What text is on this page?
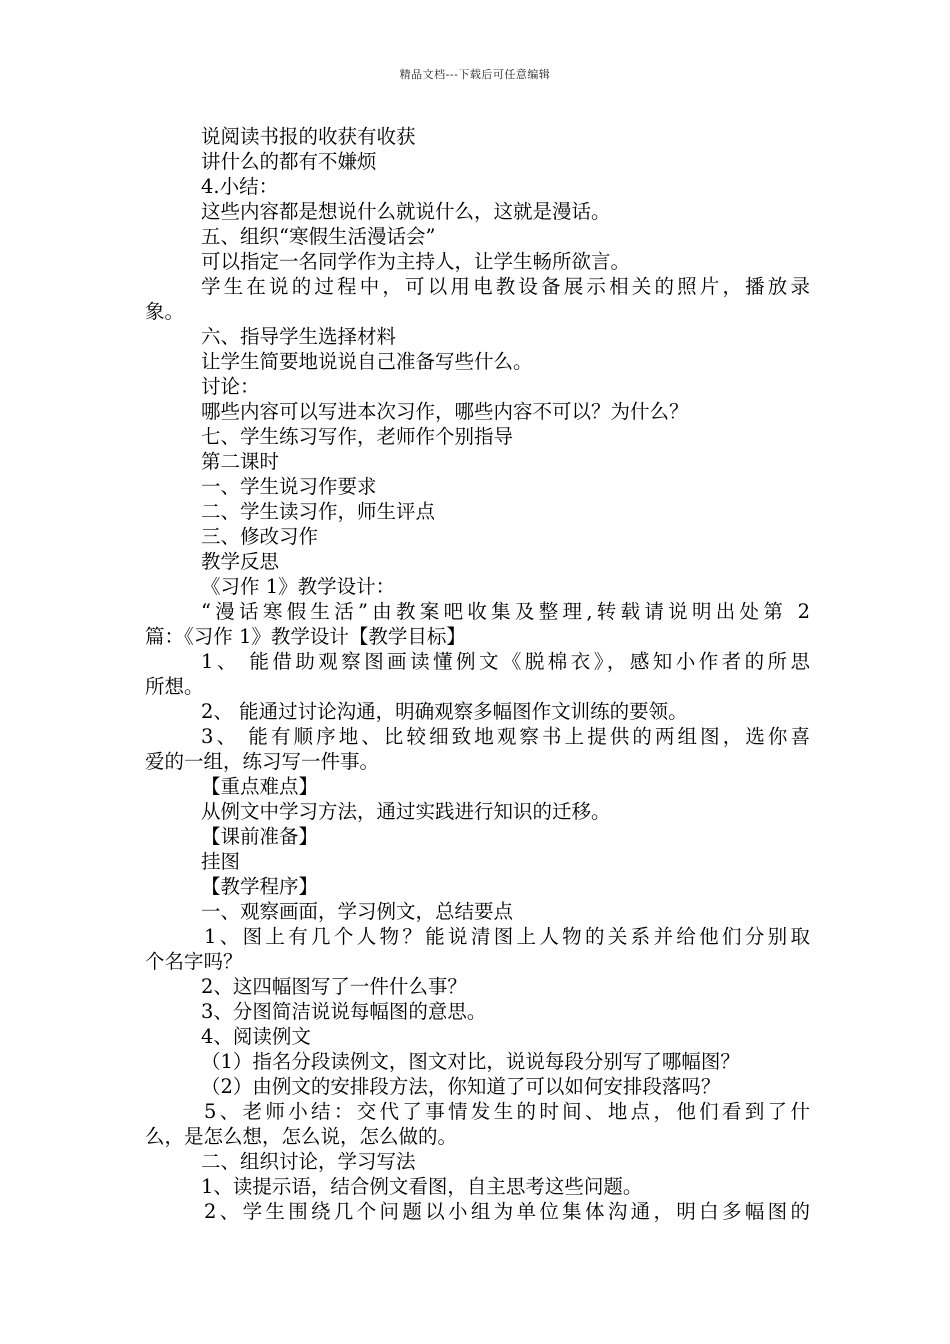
精品文档---下载后可任意编辑
说阅读书报的收获有收获
讲什么的都有不嫌烦
4.小结：
这些内容都是想说什么就说什么，这就是漫话。
五、组织“寒假生活漫话会”
可以指定一名同学作为主持人，让学生畅所欲言。
学生在说的过程中，可以用电教设备展示相关的照片，播放录
象。
六、指导学生选择材料
让学生简要地说说自己准备写些什么。
讨论：
哪些内容可以写进本次习作，哪些内容不可以？为什么？
七、学生练习写作，老师作个别指导
第二课时
一、学生说习作要求
二、学生读习作，师生评点
三、修改习作
教学反思
《习作 1》教学设计：
“漫话寒假生活”由教案吧收集及整理,转载请说明出处第 2
篇：《习作 1》教学设计【教学目标】
1、 能借助观察图画读懂例文《脱棉衣》，感知小作者的所思
所想。
2、 能通过讨论沟通，明确观察多幅图作文训练的要领。
3、 能有顺序地、比较细致地观察书上提供的两组图，选你喜
爱的一组，练习写一件事。
【重点难点】
从例文中学习方法，通过实践进行知识的迁移。
【课前准备】
挂图
【教学程序】
一、观察画面，学习例文，总结要点
1、图上有几个人物？能说清图上人物的关系并给他们分别取
个名字吗？
2、这四幅图写了一件什么事？
3、分图简洁说说每幅图的意思。
4、阅读例文
（1）指名分段读例文，图文对比，说说每段分别写了哪幅图？
（2）由例文的安排段方法，你知道了可以如何安排段落吗？
5、老师小结：交代了事情发生的时间、地点，他们看到了什
么，是怎么想，怎么说，怎么做的。
二、组织讨论，学习写法
1、读提示语，结合例文看图，自主思考这些问题。
2、学生围绕几个问题以小组为单位集体沟通，明白多幅图的
